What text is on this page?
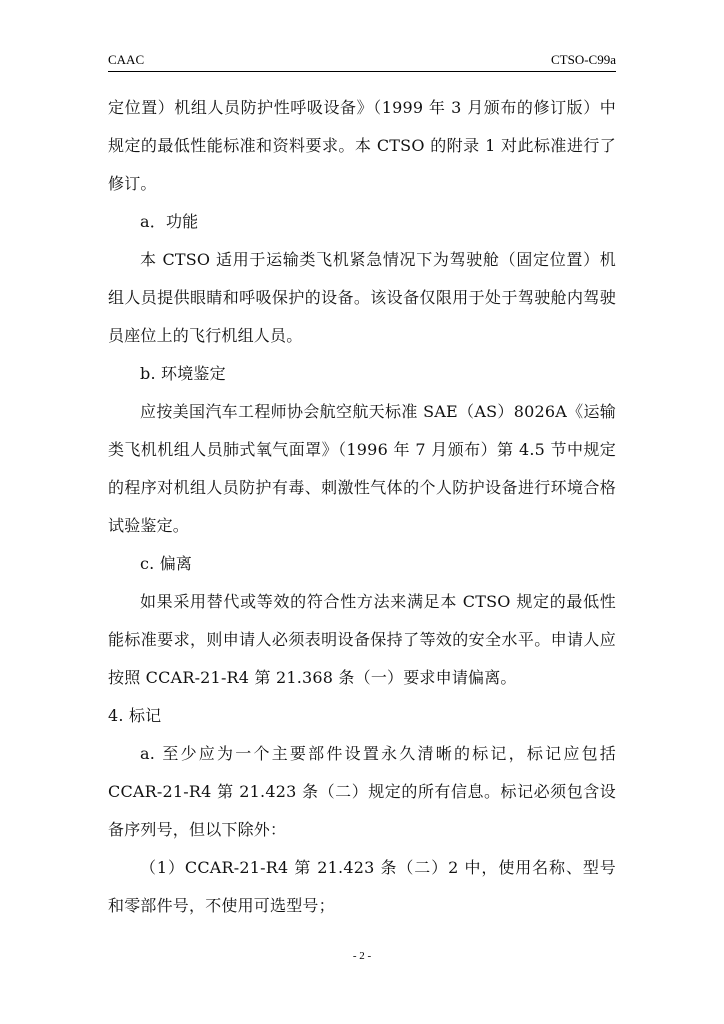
CAAC	CTSO-C99a

定位置）机组人员防护性呼吸设备》（1999 年 3 月颁布的修订版）中规定的最低性能标准和资料要求。本 CTSO 的附录 1 对此标准进行了修订。

a．功能

本 CTSO 适用于运输类飞机紧急情况下为驾驶舱（固定位置）机组人员提供眼睛和呼吸保护的设备。该设备仅限用于处于驾驶舱内驾驶员座位上的飞行机组人员。

b. 环境鉴定

应按美国汽车工程师协会航空航天标准 SAE（AS）8026A《运输类飞机机组人员肺式氧气面罩》（1996 年 7 月颁布）第 4.5 节中规定的程序对机组人员防护有毒、刺激性气体的个人防护设备进行环境合格试验鉴定。

c. 偏离

如果采用替代或等效的符合性方法来满足本 CTSO 规定的最低性能标准要求，则申请人必须表明设备保持了等效的安全水平。申请人应按照 CCAR-21-R4 第 21.368 条（一）要求申请偏离。

4. 标记

a. 至少应为一个主要部件设置永久清晰的标记，标记应包括 CCAR-21-R4 第 21.423 条（二）规定的所有信息。标记必须包含设备序列号，但以下除外：

（1）CCAR-21-R4 第 21.423 条（二）2 中，使用名称、型号和零部件号，不使用可选型号；

- 2 -
